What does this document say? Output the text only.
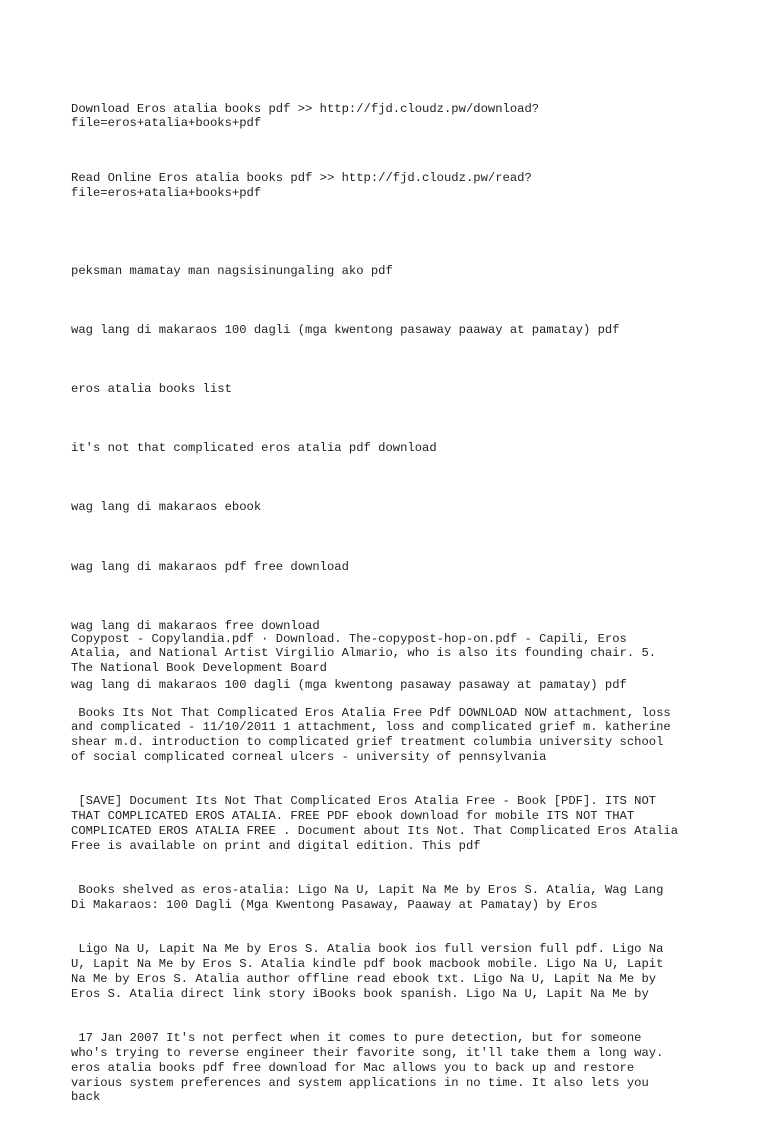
Download Eros atalia books pdf >> http://fjd.cloudz.pw/download?
file=eros+atalia+books+pdf

Read Online Eros atalia books pdf >> http://fjd.cloudz.pw/read?
file=eros+atalia+books+pdf

peksman mamatay man nagsisinungaling ako pdf

wag lang di makaraos 100 dagli (mga kwentong pasaway paaway at pamatay) pdf

eros atalia books list

it's not that complicated eros atalia pdf download

wag lang di makaraos ebook

wag lang di makaraos pdf free download

wag lang di makaraos free download

wag lang di makaraos 100 dagli (mga kwentong pasaway pasaway at pamatay) pdf

Copypost - Copylandia.pdf · Download. The-copypost-hop-on.pdf - Capili, Eros
Atalia, and National Artist Virgilio Almario, who is also its founding chair. 5.
The National Book Development Board

Books Its Not That Complicated Eros Atalia Free Pdf DOWNLOAD NOW attachment, loss
and complicated - 11/10/2011 1 attachment, loss and complicated grief m. katherine
shear m.d. introduction to complicated grief treatment columbia university school
of social complicated corneal ulcers - university of pennsylvania

[SAVE] Document Its Not That Complicated Eros Atalia Free - Book [PDF]. ITS NOT
THAT COMPLICATED EROS ATALIA. FREE PDF ebook download for mobile ITS NOT THAT
COMPLICATED EROS ATALIA FREE . Document about Its Not. That Complicated Eros Atalia
Free is available on print and digital edition. This pdf

Books shelved as eros-atalia: Ligo Na U, Lapit Na Me by Eros S. Atalia, Wag Lang
Di Makaraos: 100 Dagli (Mga Kwentong Pasaway, Paaway at Pamatay) by Eros

Ligo Na U, Lapit Na Me by Eros S. Atalia book ios full version full pdf. Ligo Na
U, Lapit Na Me by Eros S. Atalia kindle pdf book macbook mobile. Ligo Na U, Lapit
Na Me by Eros S. Atalia author offline read ebook txt. Ligo Na U, Lapit Na Me by
Eros S. Atalia direct link story iBooks book spanish. Ligo Na U, Lapit Na Me by

17 Jan 2007 It's not perfect when it comes to pure detection, but for someone
who's trying to reverse engineer their favorite song, it'll take them a long way.
eros atalia books pdf free download for Mac allows you to back up and restore
various system preferences and system applications in no time. It also lets you
back
